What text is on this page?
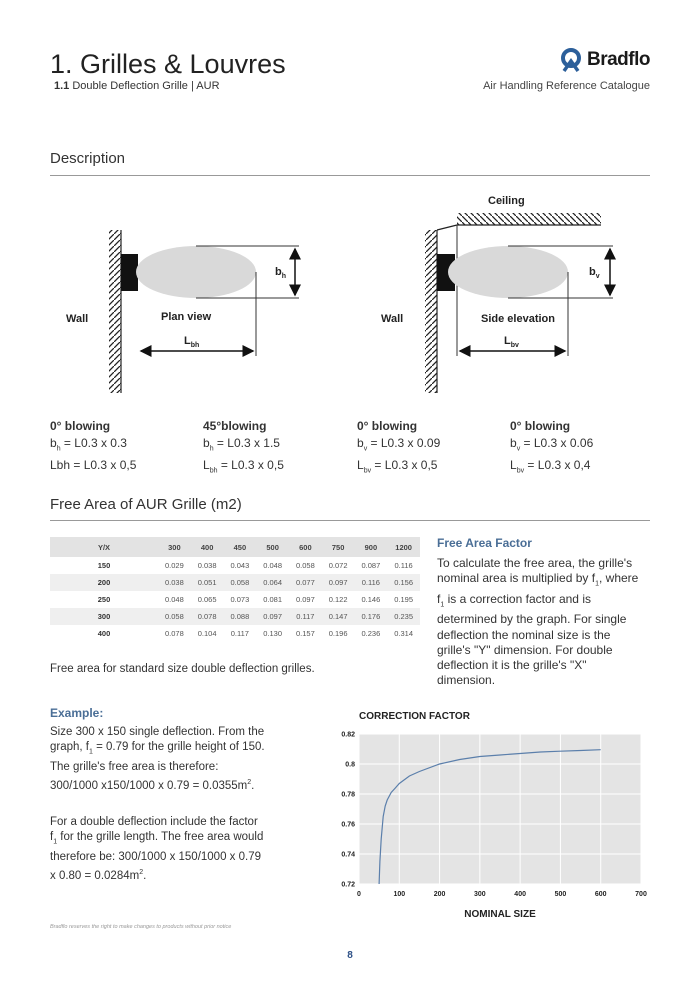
1. Grilles & Louvres
1.1 Double Deflection Grille | AUR
Bradflo
Air Handling Reference Catalogue
Description
$b_h$
Wall	Plan view
$L_{bh}$
Ceiling
$b_v$
Wall	Side elevation
$L_{bv}$
0° blowing
$b_h = L0.3$ x 0.3
Lbh = L0.3 x 0,5
45°blowing
$b_h = L0.3$ x 1.5
$L_{bh} = L0.3$ x 0,5
0° blowing
$b_v = L0.3$ x 0.09
$L_{bv} = L0.3$ x 0,5
0° blowing
$b_v = L0.3$ x 0.06
$L_{bv} = L0.3$ x 0,4
Free Area of AUR Grille (m2)
Y/X	300	400	450	500	600	750	900	1200
150	0.029	0.038	0.043	0.048	0.058	0.072	0.087	0.116
200	0.038	0.051	0.058	0.064	0.077	0.097	0.116	0.156
250	0.048	0.065	0.073	0.081	0.097	0.122	0.146	0.195
300	0.058	0.078	0.088	0.097	0.117	0.147	0.176	0.235
400	0.078	0.104	0.117	0.130	0.157	0.196	0.236	0.314
Free area for standard size double deflection grilles.
Free Area Factor
To calculate the free area, the grille's nominal area is multiplied by $f_1$, where $f_1$ is a correction factor and is determined by the graph. For single deflection the nominal size is the grille's "Y" dimension. For double deflection it is the grille's "X" dimension.
Example:
Size 300 x 150 single deflection. From the graph, $f_1 = 0.79$ for the grille height of 150. The grille's free area is therefore: 300/1000 x150/1000 x $0.79 = 0.0355m^2$.
For a double deflection include the factor $f_1$ for the grille length. The free area would therefore be: 300/1000 x 150/1000 x 0.79 x $0.80 = 0.0284m^2$.
CORRECTION FACTOR
0	100	200	300	400	500	600	700
0.82
0.8
0.78
0.76
0.74
0.72
NOMINAL SIZE
Bradflo reserves the right to make changes to products without prior notice
8
